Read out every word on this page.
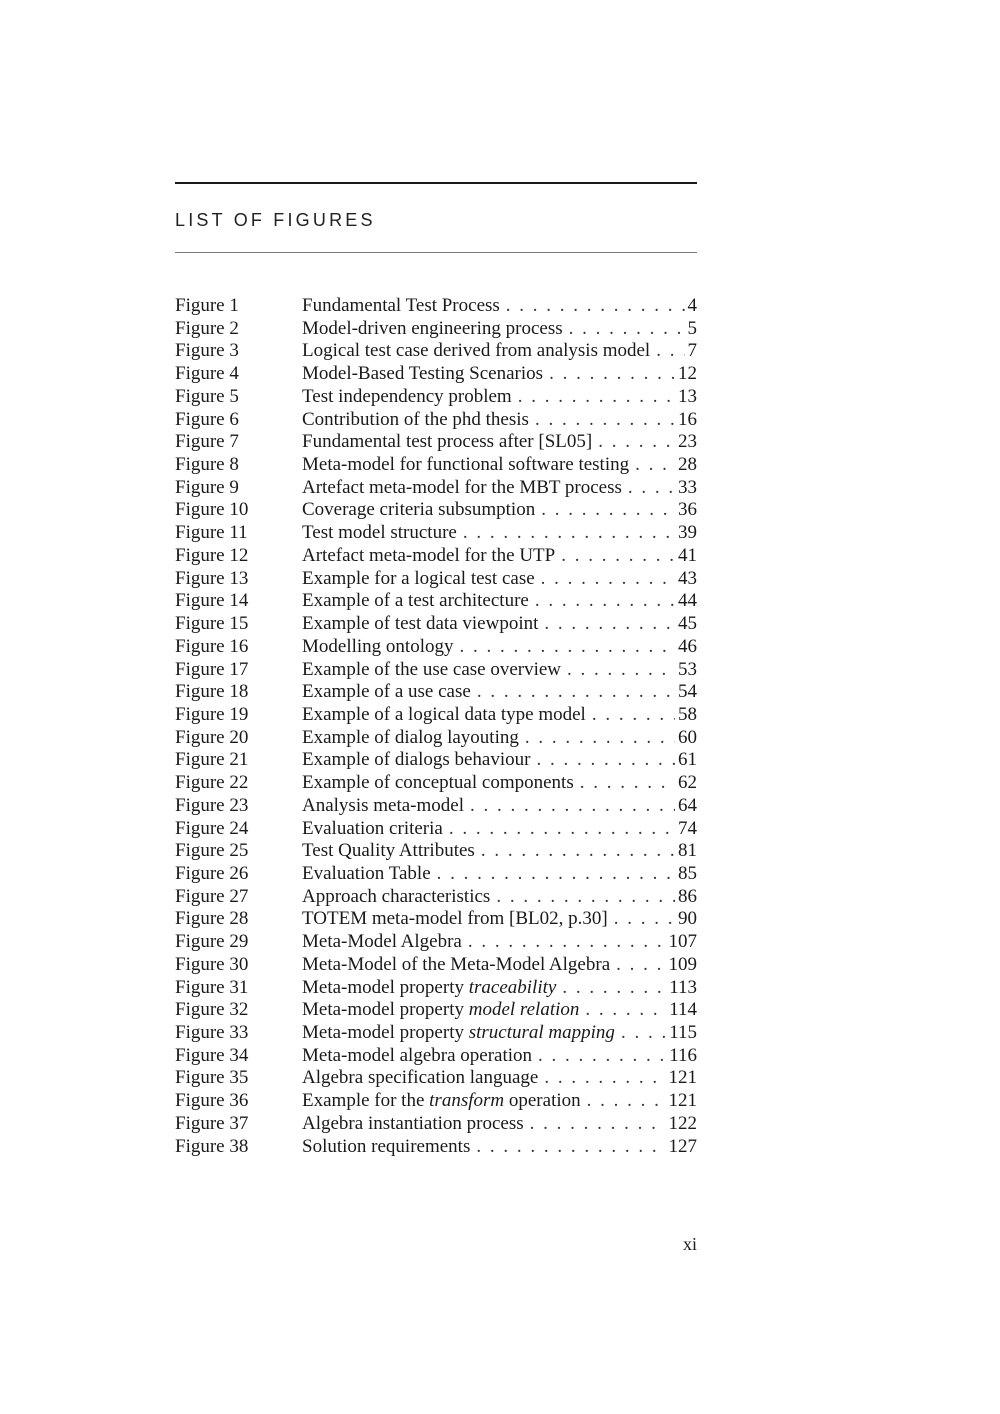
LIST OF FIGURES
Figure 1	Fundamental Test Process . . .	4
Figure 2	Model-driven engineering process . . .	5
Figure 3	Logical test case derived from analysis model . . . 7
Figure 4	Model-Based Testing Scenarios . . .	12
Figure 5	Test independency problem . . .	13
Figure 6	Contribution of the phd thesis . . .	16
Figure 7	Fundamental test process after [SL05] . . .	23
Figure 8	Meta-model for functional software testing . . .	28
Figure 9	Artefact meta-model for the MBT process . . .	33
Figure 10	Coverage criteria subsumption . . .	36
Figure 11	Test model structure . . .	39
Figure 12	Artefact meta-model for the UTP . . .	41
Figure 13	Example for a logical test case . . .	43
Figure 14	Example of a test architecture . . .	44
Figure 15	Example of test data viewpoint . . .	45
Figure 16	Modelling ontology . . .	46
Figure 17	Example of the use case overview . . .	53
Figure 18	Example of a use case . . .	54
Figure 19	Example of a logical data type model . . .	58
Figure 20	Example of dialog layouting . . .	60
Figure 21	Example of dialogs behaviour . . .	61
Figure 22	Example of conceptual components . . .	62
Figure 23	Analysis meta-model . . .	64
Figure 24	Evaluation criteria . . .	74
Figure 25	Test Quality Attributes . . .	81
Figure 26	Evaluation Table . . .	85
Figure 27	Approach characteristics . . .	86
Figure 28	TOTEM meta-model from [BL02, p.30] . . .	90
Figure 29	Meta-Model Algebra . . .	107
Figure 30	Meta-Model of the Meta-Model Algebra . . .	109
Figure 31	Meta-model property traceability . . .	113
Figure 32	Meta-model property model relation . . .	114
Figure 33	Meta-model property structural mapping . . .	115
Figure 34	Meta-model algebra operation . . .	116
Figure 35	Algebra specification language . . .	121
Figure 36	Example for the transform operation . . .	121
Figure 37	Algebra instantiation process . . .	122
Figure 38	Solution requirements . . .	127
xi
